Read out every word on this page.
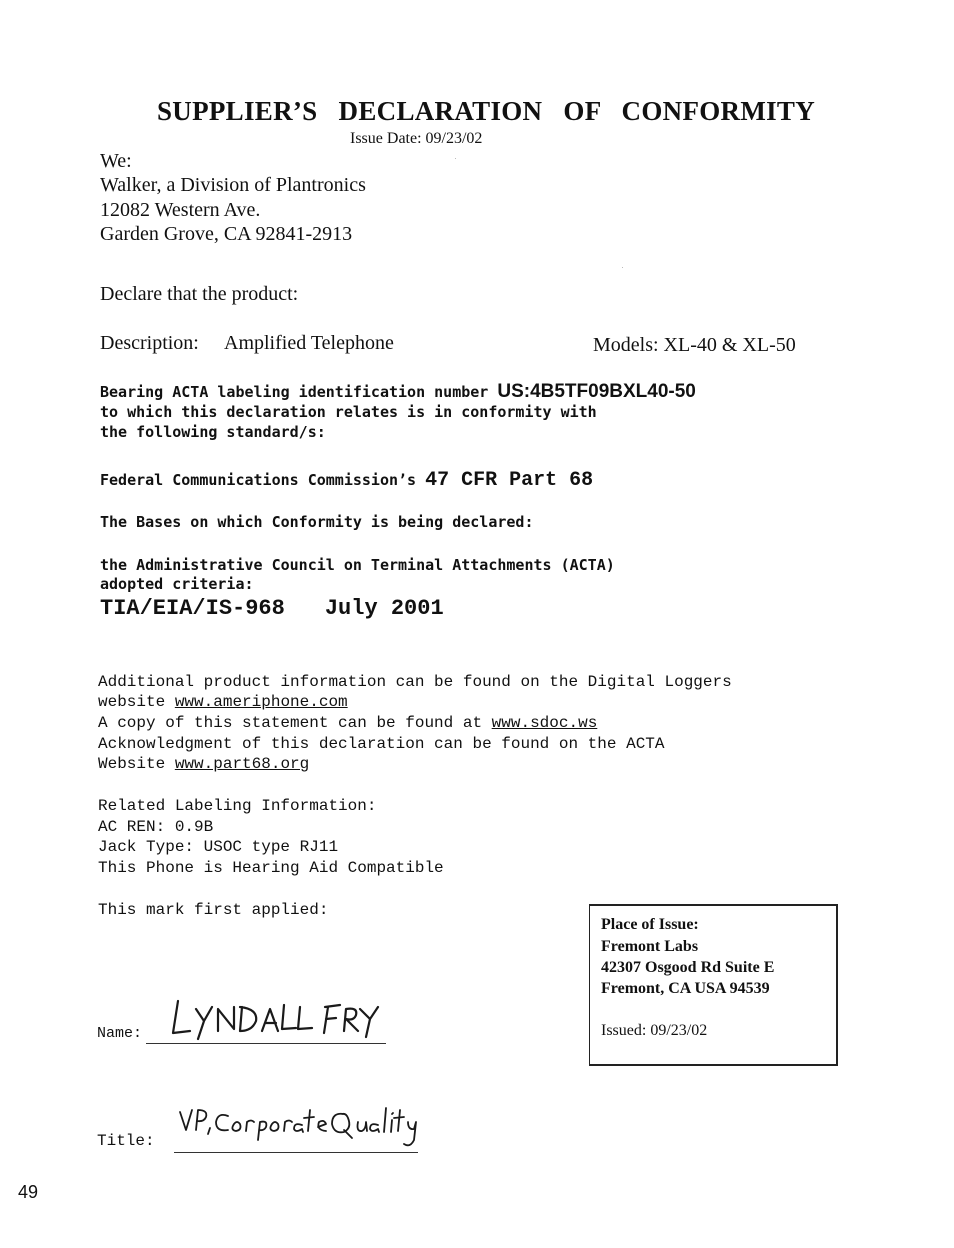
SUPPLIER’S DECLARATION OF CONFORMITY
Issue Date: 09/23/02
We:
Walker, a Division of Plantronics
12082 Western Ave.
Garden Grove, CA 92841-2913
Declare that the product:
Description: Amplified Telephone	Models: XL-40 & XL-50
Bearing ACTA labeling identification number US:4B5TF09BXL40-50
to which this declaration relates is in conformity with
the following standard/s:
Federal Communications Commission’s 47 CFR Part 68
The Bases on which Conformity is being declared:
the Administrative Council on Terminal Attachments (ACTA)
adopted criteria:
TIA/EIA/IS-968 July 2001
Additional product information can be found on the Digital Loggers
website www.ameriphone.com
A copy of this statement can be found at www.sdoc.ws
Acknowledgment of this declaration can be found on the ACTA
Website www.part68.org
Related Labeling Information:
AC REN: 0.9B
Jack Type: USOC type RJ11
This Phone is Hearing Aid Compatible
This mark first applied:
Name:
Title:
Place of Issue:
Fremont Labs
42307 Osgood Rd Suite E
Fremont, CA USA 94539
Issued: 09/23/02
49
